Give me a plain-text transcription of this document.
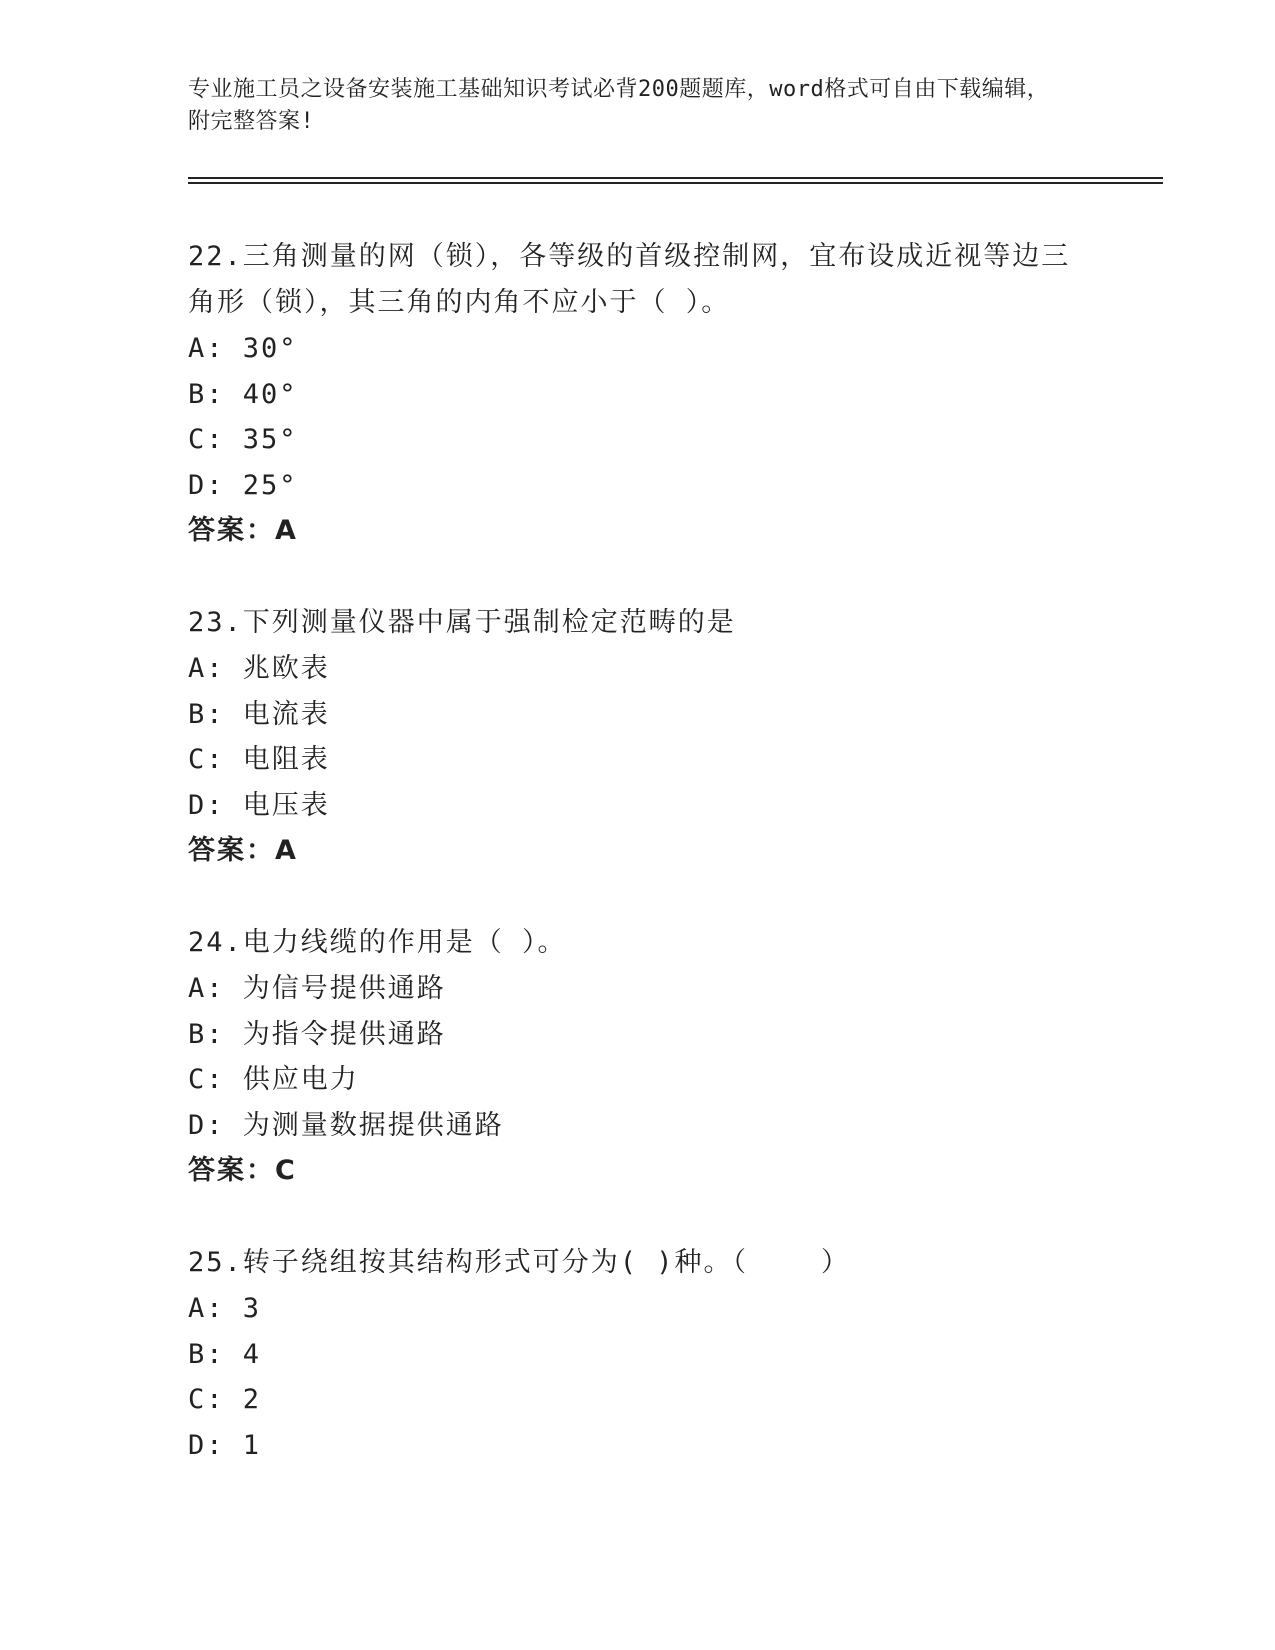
专业施工员之设备安装施工基础知识考试必背200题题库，word格式可自由下载编辑，附完整答案!
22.三角测量的网（锁），各等级的首级控制网，宜布设成近视等边三角形（锁），其三角的内角不应小于（ ）。
A: 30°
B: 40°
C: 35°
D: 25°
答案：A
23.下列测量仪器中属于强制检定范畴的是
A: 兆欧表
B: 电流表
C: 电阻表
D: 电压表
答案：A
24.电力线缆的作用是（ ）。
A: 为信号提供通路
B: 为指令提供通路
C: 供应电力
D: 为测量数据提供通路
答案：C
25.转子绕组按其结构形式可分为( )种。（    ）
A: 3
B: 4
C: 2
D: 1
